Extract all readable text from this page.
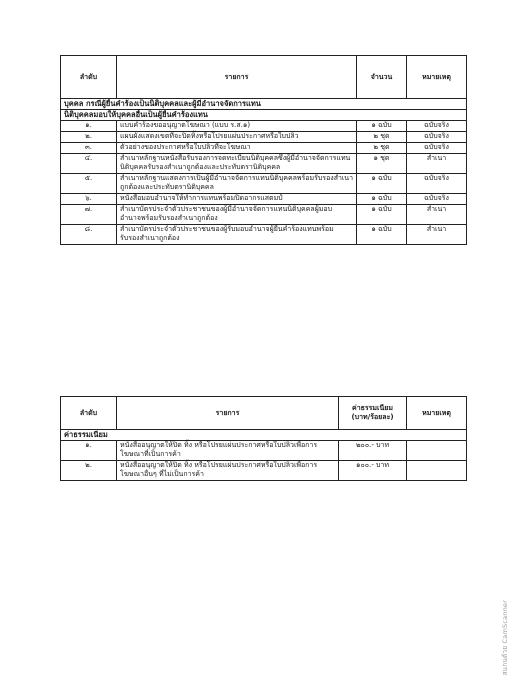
ลำดับ	รายการ	จำนวน	หมายเหตุ
บุคคล กรณีผู้ยื่นคำร้องเป็นนิติบุคคลและผู้มีอำนาจจัดการแทน			
นิติบุคคลมอบให้บุคคลอื่นเป็นผู้ยื่นคำร้องแทน			
๑.	แบบคำร้องขออนุญาตโฆษณา (แบบ ร.ส.๑)	๑ ฉบับ	ฉบับจริง
๒.	แผนผังแสดงเขตที่จะปิดทิ้งหรือโปรยแผ่นประกาศหรือใบปลิว	๒ ชุด	ฉบับจริง
๓.	ตัวอย่างของประกาศหรือใบปลิวที่จะโฆษณา	๒ ชุด	ฉบับจริง
๔.	สำเนาหลักฐานหนังสือรับรองการจดทะเบียนนิติบุคคลซึ่งผู้มีอำนาจจัดการแทนนิติบุคคลรับรองสำเนาถูกต้องและประทับตรานิติบุคคล	๑ ชุด	สำเนา
๕.	สำเนาหลักฐานแสดงการเป็นผู้มีอำนาจจัดการแทนนิติบุคคลพร้อมรับรองสำเนาถูกต้องและประทับตรานิติบุคคล	๑ ฉบับ	ฉบับจริง
๖.	หนังสือมอบอำนาจให้ทำการแทนพร้อมปิดอากรแสตมป์	๑ ฉบับ	ฉบับจริง
๗.	สำเนาบัตรประจำตัวประชาชนของผู้มีอำนาจจัดการแทนนิติบุคคลผู้มอบอำนาจพร้อมรับรองสำเนาถูกต้อง	๑ ฉบับ	สำเนา
๘.	สำเนาบัตรประจำตัวประชาชนของผู้รับมอบอำนาจผู้ยื่นคำร้องแทนพร้อมรับรองสำเนาถูกต้อง	๑ ฉบับ	สำเนา
ลำดับ	รายการ	ค่าธรรมเนียม (บาท/ร้อยละ)	หมายเหตุ
ค่าธรรมเนียม			
๑.	หนังสืออนุญาตให้ปิด ทิ้ง หรือโปรยแผ่นประกาศหรือใบปลิวเพื่อการโฆษณาที่เป็นการค้า	๒๐๐.- บาท	
๒.	หนังสืออนุญาตให้ปิด ทิ้ง หรือโปรยแผ่นประกาศหรือใบปลิวเพื่อการโฆษณาอื่นๆ ที่ไม่เป็นการค้า	๑๐๐.- บาท	
สแกนด้วย CamScanner
